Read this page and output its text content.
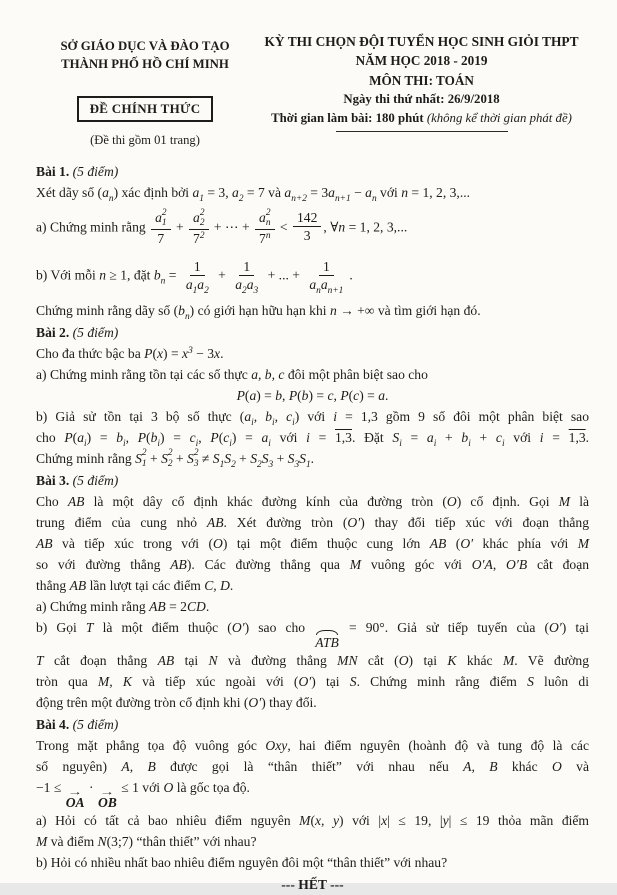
SỞ GIÁO DỤC VÀ ĐÀO TẠO
THÀNH PHỐ HỒ CHÍ MINH
ĐỀ CHÍNH THỨC
(Đề thi gồm 01 trang)
KỲ THI CHỌN ĐỘI TUYỂN HỌC SINH GIỎI THPT
NĂM HỌC 2018 - 2019
MÔN THI: TOÁN
Ngày thi thứ nhất: 26/9/2018
Thời gian làm bài: 180 phút (không kể thời gian phát đề)
Bài 1. (5 điểm)
Xét dãy số $(a_n)$ xác định bởi $a_1 = 3$, $a_2 = 7$ và $a_{n+2} = 3a_{n+1} - a_n$ với n = 1, 2, 3,...
a) Chứng minh rằng a 2
1
7 + a 2
2
$7^2$ + ⋯ + a 2
n
$7^n < \frac{142}{3}$ , ∀n = 1, 2, 3,...
b) Với mỗi n ≥ 1, đặt $b_n = \frac{1}{a_1a_2} + \frac{1}{a_2a_3}$ + ... + $\frac{1}{a_na_{n+1}}$ .
Chứng minh rằng dãy số $(b_n)$ có giới hạn hữu hạn khi n → +∞ và tìm giới hạn đó.
Bài 2. (5 điểm)
Cho đa thức bậc ba $P(x) = x^3 - 3x$.
a) Chứng minh rằng tồn tại các số thực a, b, c đôi một phân biệt sao cho
P(a) = b, P(b) = c, P(c) = a.
b) Giả sử tồn tại 3 bộ số thực ($a_i$, $b_i$, $c_i$) với i = 1,3 gồm 9 số đôi một phân biệt sao
cho $P(a_i) = b_i$, $P(b_i) = c_i$, $P(c_i) = a_i$ với i = 1,3. Đặt $S_i = a_i + b_i + c_i$ với i = 1,3.
Chứng minh rằng S 2
1 + S 2
2 + S 2
$3 \ne S_1S_2 + S_2S_3 + S_3S_1$.
Bài 3. (5 điểm)
Cho AB là một dây cố định khác đường kính của đường tròn (O) cố định. Gọi M là
trung điểm của cung nhỏ AB. Xét đường tròn (O′) thay đổi tiếp xúc với đoạn thẳng
AB và tiếp xúc trong với (O) tại một điểm thuộc cung lớn AB (O′ khác phía với M
so với đường thẳng AB). Các đường thẳng qua M vuông góc với O′A, O′B cắt đoạn
thẳng AB lần lượt tại các điểm C, D.
a) Chứng minh rằng AB = 2CD.
b) Gọi T là một điểm thuộc (O′) sao cho
ATB
= 90°. Giả sử tiếp tuyến của (O′) tại
T cắt đoạn thẳng AB tại N và đường thẳng MN cắt (O) tại K khác M. Vẽ đường
tròn qua M, K và tiếp xúc ngoài với (O′) tại S. Chứng minh rằng điểm S luôn di
động trên một đường tròn cố định khi (O′) thay đổi.
Bài 4. (5 điểm)
Trong mặt phẳng tọa độ vuông góc Oxy, hai điểm nguyên (hoành độ và tung độ là các
số nguyên) A, B được gọi là “thân thiết” với nhau nếu A, B khác O và
−1 ≤ →
OA
· →
OB
≤ 1 với O là gốc tọa độ.
a) Hỏi có tất cả bao nhiêu điểm nguyên M(x, y) với |x| ≤ 19, |y| ≤ 19 thỏa mãn điểm
M và điểm N(3;7) “thân thiết” với nhau?
b) Hỏi có nhiều nhất bao nhiêu điểm nguyên đôi một “thân thiết” với nhau?
--- HẾT ---
